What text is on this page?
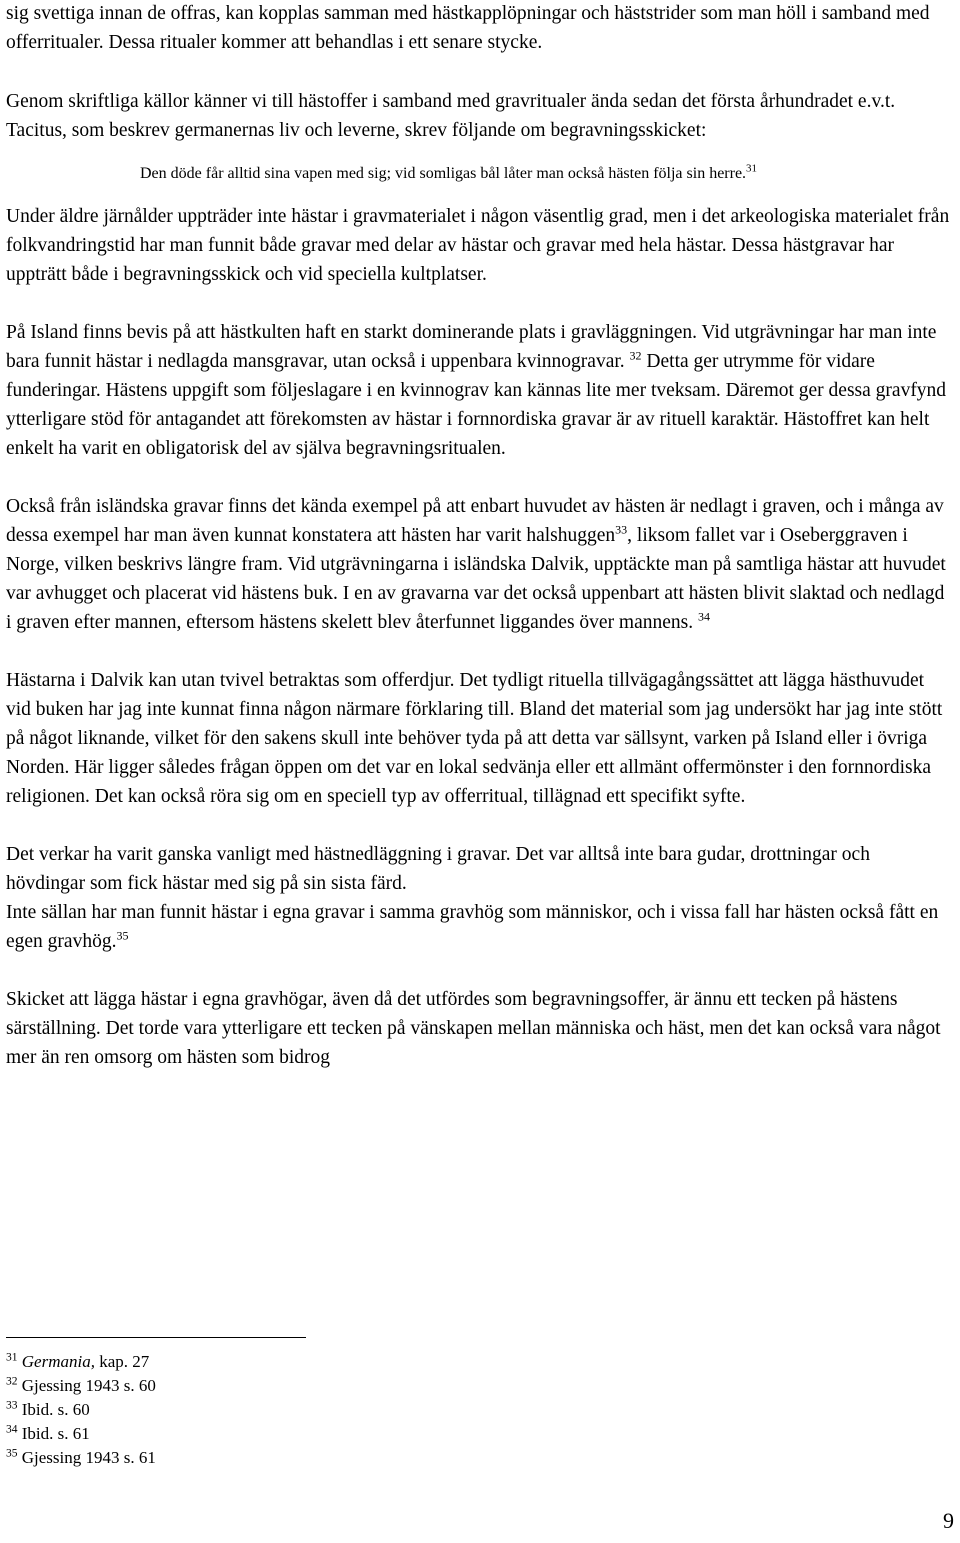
sig svettiga innan de offras, kan kopplas samman med hästkapplöpningar och häststrider som man höll i samband med offerritualer. Dessa ritualer kommer att behandlas i ett senare stycke.

Genom skriftliga källor känner vi till hästoffer i samband med gravritualer ända sedan det första århundradet e.v.t. Tacitus, som beskrev germanernas liv och leverne, skrev följande om begravningsskicket:

Den döde får alltid sina vapen med sig; vid somligas bål låter man också hästen följa sin herre.$^{31}$

Under äldre järnålder uppträder inte hästar i gravmaterialet i någon väsentlig grad, men i det arkeologiska materialet från folkvandringstid har man funnit både gravar med delar av hästar och gravar med hela hästar. Dessa hästgravar har uppträtt både i begravningsskick och vid speciella kultplatser.

På Island finns bevis på att hästkulten haft en starkt dominerande plats i gravläggningen. Vid utgrävningar har man inte bara funnit hästar i nedlagda mansgravar, utan också i uppenbara kvinnogravar. $^{32}$ Detta ger utrymme för vidare funderingar. Hästens uppgift som följeslagare i en kvinnograv kan kännas lite mer tveksam. Däremot ger dessa gravfynd ytterligare stöd för antagandet att förekomsten av hästar i fornnordiska gravar är av rituell karaktär. Hästoffret kan helt enkelt ha varit en obligatorisk del av själva begravningsritualen.

Också från isländska gravar finns det kända exempel på att enbart huvudet av hästen är nedlagt i graven, och i många av dessa exempel har man även kunnat konstatera att hästen har varit halshuggen$^{33}$, liksom fallet var i Oseberggraven i Norge, vilken beskrivs längre fram. Vid utgrävningarna i isländska Dalvik, upptäckte man på samtliga hästar att huvudet var avhugget och placerat vid hästens buk. I en av gravarna var det också uppenbart att hästen blivit slaktad och nedlagd i graven efter mannen, eftersom hästens skelett blev återfunnet liggandes över mannens. $^{34}$

Hästarna i Dalvik kan utan tvivel betraktas som offerdjur. Det tydligt rituella tillvägagångssättet att lägga hästhuvudet vid buken har jag inte kunnat finna någon närmare förklaring till. Bland det material som jag undersökt har jag inte stött på något liknande, vilket för den sakens skull inte behöver tyda på att detta var sällsynt, varken på Island eller i övriga Norden. Här ligger således frågan öppen om det var en lokal sedvänja eller ett allmänt offermönster i den fornnordiska religionen. Det kan också röra sig om en speciell typ av offerritual, tillägnad ett specifikt syfte.

Det verkar ha varit ganska vanligt med hästnedläggning i gravar. Det var alltså inte bara gudar, drottningar och hövdingar som fick hästar med sig på sin sista färd.

Inte sällan har man funnit hästar i egna gravar i samma gravhög som människor, och i vissa fall har hästen också fått en egen gravhög.$^{35}$

Skicket att lägga hästar i egna gravhögar, även då det utfördes som begravningsoffer, är ännu ett tecken på hästens särställning. Det torde vara ytterligare ett tecken på vänskapen mellan människa och häst, men det kan också vara något mer än ren omsorg om hästen som bidrog

$^{31}$ Germania, kap. 27

$^{32}$ Gjessing 1943 s. 60

$^{33}$ Ibid. s. 60

$^{34}$ Ibid. s. 61

$^{35}$ Gjessing 1943 s. 61

9
